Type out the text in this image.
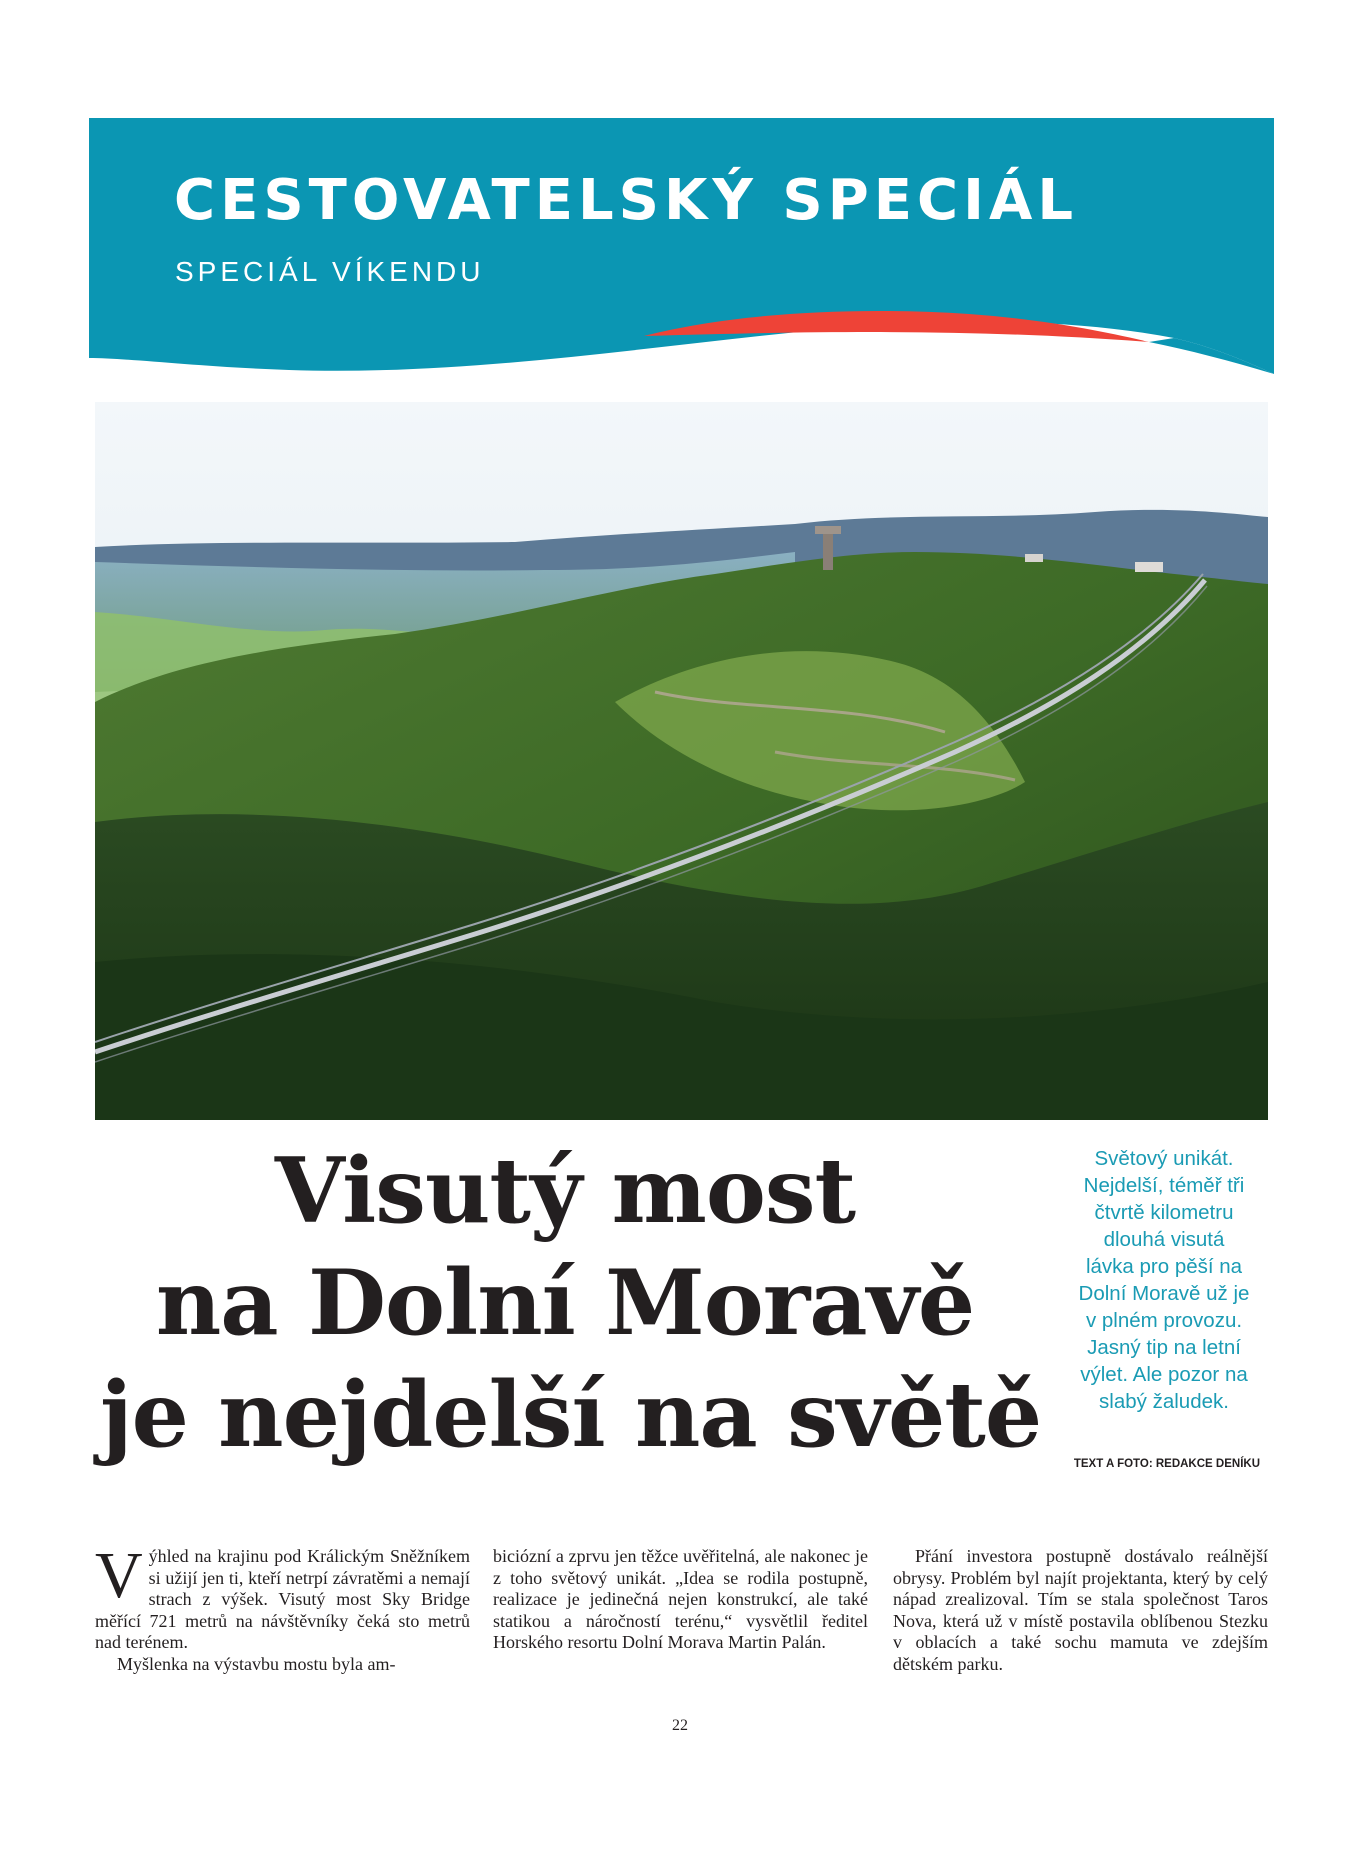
CESTOVATELSKÝ SPECIÁL
SPECIÁL VÍKENDU
Visutý most
na Dolní Moravě
je nejdelší na světě
Světový unikát.
Nejdelší, téměř tři
čtvrtě kilometru
dlouhá visutá
lávka pro pěší na
Dolní Moravě už je
v plném provozu.
Jasný tip na letní
výlet. Ale pozor na
slabý žaludek.
TEXT A FOTO: REDAKCE DENÍKU

Výhled na krajinu pod Králickým Sněžníkem si užijí jen ti, kteří netrpí závratěmi a nemají strach z výšek. Visutý most Sky Bridge měřící 721 metrů na návštěvníky čeká sto metrů nad terénem.

Myšlenka na výstavbu mostu byla am-

biciózní a zprvu jen těžce uvěřitelná, ale nakonec je z toho světový unikát. „Idea se rodila postupně, realizace je jedinečná nejen konstrukcí, ale také statikou a náročností terénu,“ vysvětlil ředitel Horského resortu Dolní Morava Martin Palán.

Přání investora postupně dostávalo reálnější obrysy. Problém byl najít projektanta, který by celý nápad zrealizoval. Tím se stala společnost Taros Nova, která už v místě postavila oblíbenou Stezku v oblacích a také sochu mamuta ve zdejším dětském parku.

22
